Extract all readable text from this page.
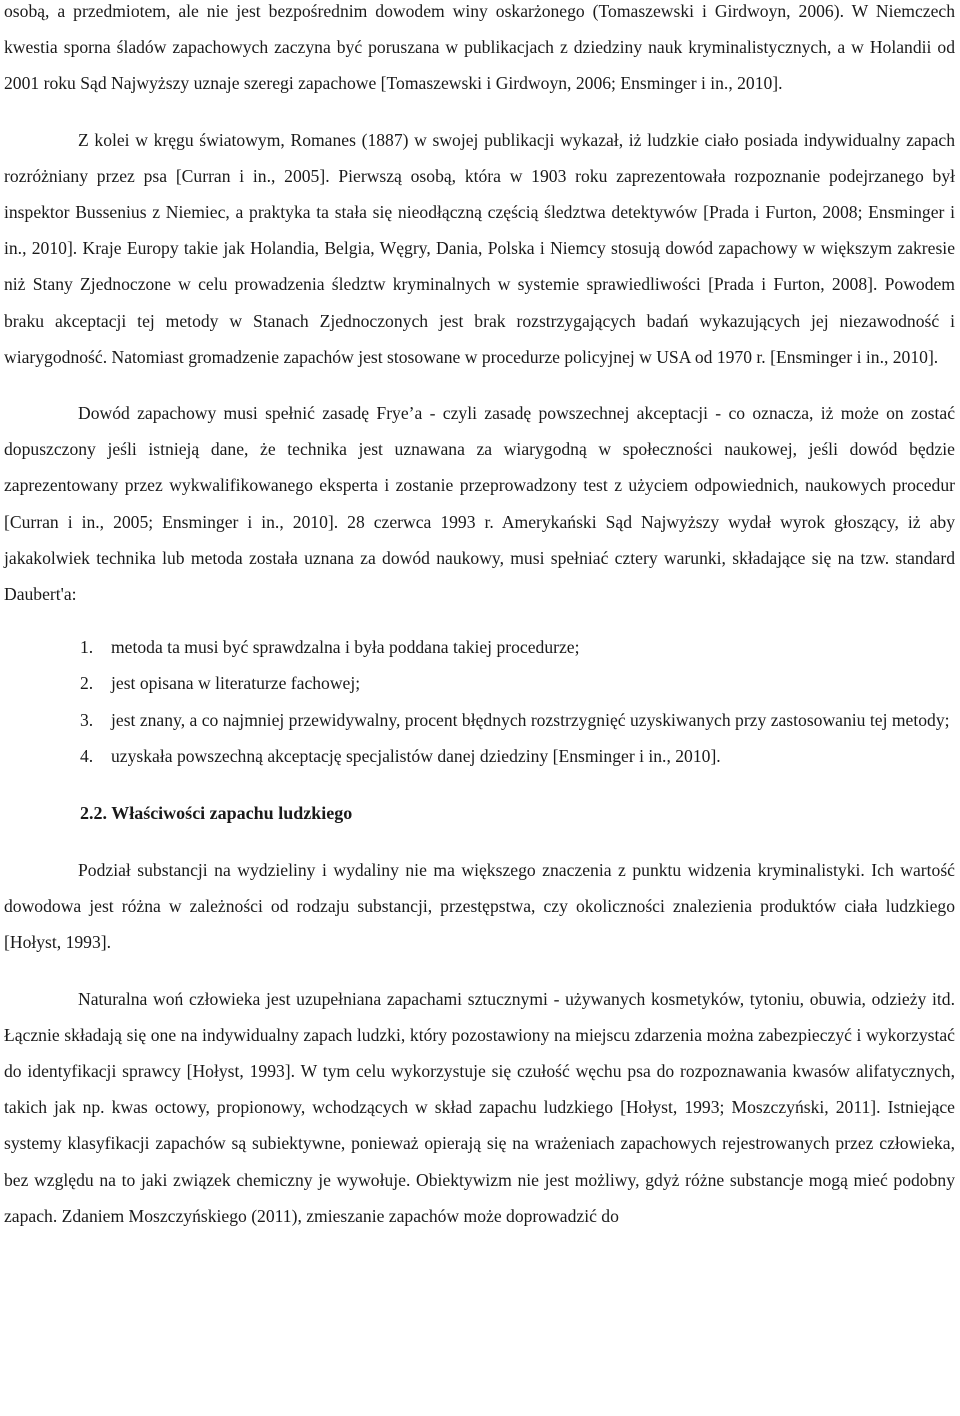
osobą, a przedmiotem, ale nie jest bezpośrednim dowodem winy oskarżonego (Tomaszewski i Girdwoyn, 2006). W Niemczech kwestia sporna śladów zapachowych zaczyna być poruszana w publikacjach z dziedziny nauk kryminalistycznych, a w Holandii od 2001 roku Sąd Najwyższy uznaje szeregi zapachowe [Tomaszewski i Girdwoyn, 2006; Ensminger i in., 2010].

Z kolei w kręgu światowym, Romanes (1887) w swojej publikacji wykazał, iż ludzkie ciało posiada indywidualny zapach rozróżniany przez psa [Curran i in., 2005]. Pierwszą osobą, która w 1903 roku zaprezentowała rozpoznanie podejrzanego był inspektor Bussenius z Niemiec, a praktyka ta stała się nieodłączną częścią śledztwa detektywów [Prada i Furton, 2008; Ensminger i in., 2010]. Kraje Europy takie jak Holandia, Belgia, Węgry, Dania, Polska i Niemcy stosują dowód zapachowy w większym zakresie niż Stany Zjednoczone w celu prowadzenia śledztw kryminalnych w systemie sprawiedliwości [Prada i Furton, 2008]. Powodem braku akceptacji tej metody w Stanach Zjednoczonych jest brak rozstrzygających badań wykazujących jej niezawodność i wiarygodność. Natomiast gromadzenie zapachów jest stosowane w procedurze policyjnej w USA od 1970 r. [Ensminger i in., 2010].

Dowód zapachowy musi spełnić zasadę Frye’a - czyli zasadę powszechnej akceptacji - co oznacza, iż może on zostać dopuszczony jeśli istnieją dane, że technika jest uznawana za wiarygodną w społeczności naukowej, jeśli dowód będzie zaprezentowany przez wykwalifikowanego eksperta i zostanie przeprowadzony test z użyciem odpowiednich, naukowych procedur [Curran i in., 2005; Ensminger i in., 2010]. 28 czerwca 1993 r. Amerykański Sąd Najwyższy wydał wyrok głoszący, iż aby jakakolwiek technika lub metoda została uznana za dowód naukowy, musi spełniać cztery warunki, składające się na tzw. standard Daubert'a:

1.	metoda ta musi być sprawdzalna i była poddana takiej procedurze;
2.	jest opisana w literaturze fachowej;
3.	jest znany, a co najmniej przewidywalny, procent błędnych rozstrzygnięć uzyskiwanych przy zastosowaniu tej metody;
4.	uzyskała powszechną akceptację specjalistów danej dziedziny [Ensminger i in., 2010].
2.2. Właściwości zapachu ludzkiego

Podział substancji na wydzieliny i wydaliny nie ma większego znaczenia z punktu widzenia kryminalistyki. Ich wartość dowodowa jest różna w zależności od rodzaju substancji, przestępstwa, czy okoliczności znalezienia produktów ciała ludzkiego [Hołyst, 1993].

Naturalna woń człowieka jest uzupełniana zapachami sztucznymi - używanych kosmetyków, tytoniu, obuwia, odzieży itd. Łącznie składają się one na indywidualny zapach ludzki, który pozostawiony na miejscu zdarzenia można zabezpieczyć i wykorzystać do identyfikacji sprawcy [Hołyst, 1993]. W tym celu wykorzystuje się czułość węchu psa do rozpoznawania kwasów alifatycznych, takich jak np. kwas octowy, propionowy, wchodzących w skład zapachu ludzkiego [Hołyst, 1993; Moszczyński, 2011]. Istniejące systemy klasyfikacji zapachów są subiektywne, ponieważ opierają się na wrażeniach zapachowych rejestrowanych przez człowieka, bez względu na to jaki związek chemiczny je wywołuje. Obiektywizm nie jest możliwy, gdyż różne substancje mogą mieć podobny zapach. Zdaniem Moszczyńskiego (2011), zmieszanie zapachów może doprowadzić do
